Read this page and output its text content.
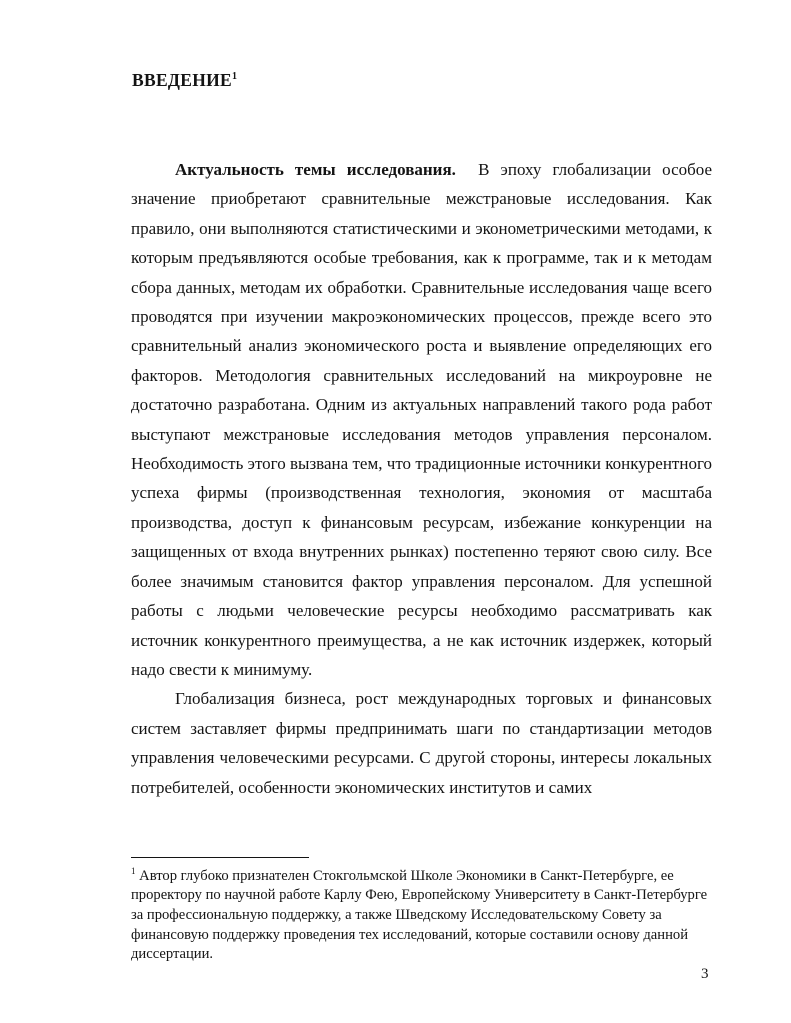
ВВЕДЕНИЕ$^1$

Актуальность темы исследования. В эпоху глобализации особое значение приобретают сравнительные межстрановые исследования. Как правило, они выполняются статистическими и эконометрическими методами, к которым предъявляются особые требования, как к программе, так и к методам сбора данных, методам их обработки. Сравнительные исследования чаще всего проводятся при изучении макроэкономических процессов, прежде всего это сравнительный анализ экономического роста и выявление определяющих его факторов. Методология сравнительных исследований на микроуровне не достаточно разработана. Одним из актуальных направлений такого рода работ выступают межстрановые исследования методов управления персоналом. Необходимость этого вызвана тем, что традиционные источники конкурентного успеха фирмы (производственная технология, экономия от масштаба производства, доступ к финансовым ресурсам, избежание конкуренции на защищенных от входа внутренних рынках) постепенно теряют свою силу. Все более значимым становится фактор управления персоналом. Для успешной работы с людьми человеческие ресурсы необходимо рассматривать как источник конкурентного преимущества, а не как источник издержек, который надо свести к минимуму.

Глобализация бизнеса, рост международных торговых и финансовых систем заставляет фирмы предпринимать шаги по стандартизации методов управления человеческими ресурсами. С другой стороны, интересы локальных потребителей, особенности экономических институтов и самих

$^1$ Автор глубоко признателен Стокгольмской Школе Экономики в Санкт-Петербурге, ее проректору по научной работе Карлу Фею, Европейскому Университету в Санкт-Петербурге за профессиональную поддержку, а также Шведскому Исследовательскому Совету за финансовую поддержку проведения тех исследований, которые составили основу данной диссертации.
3
